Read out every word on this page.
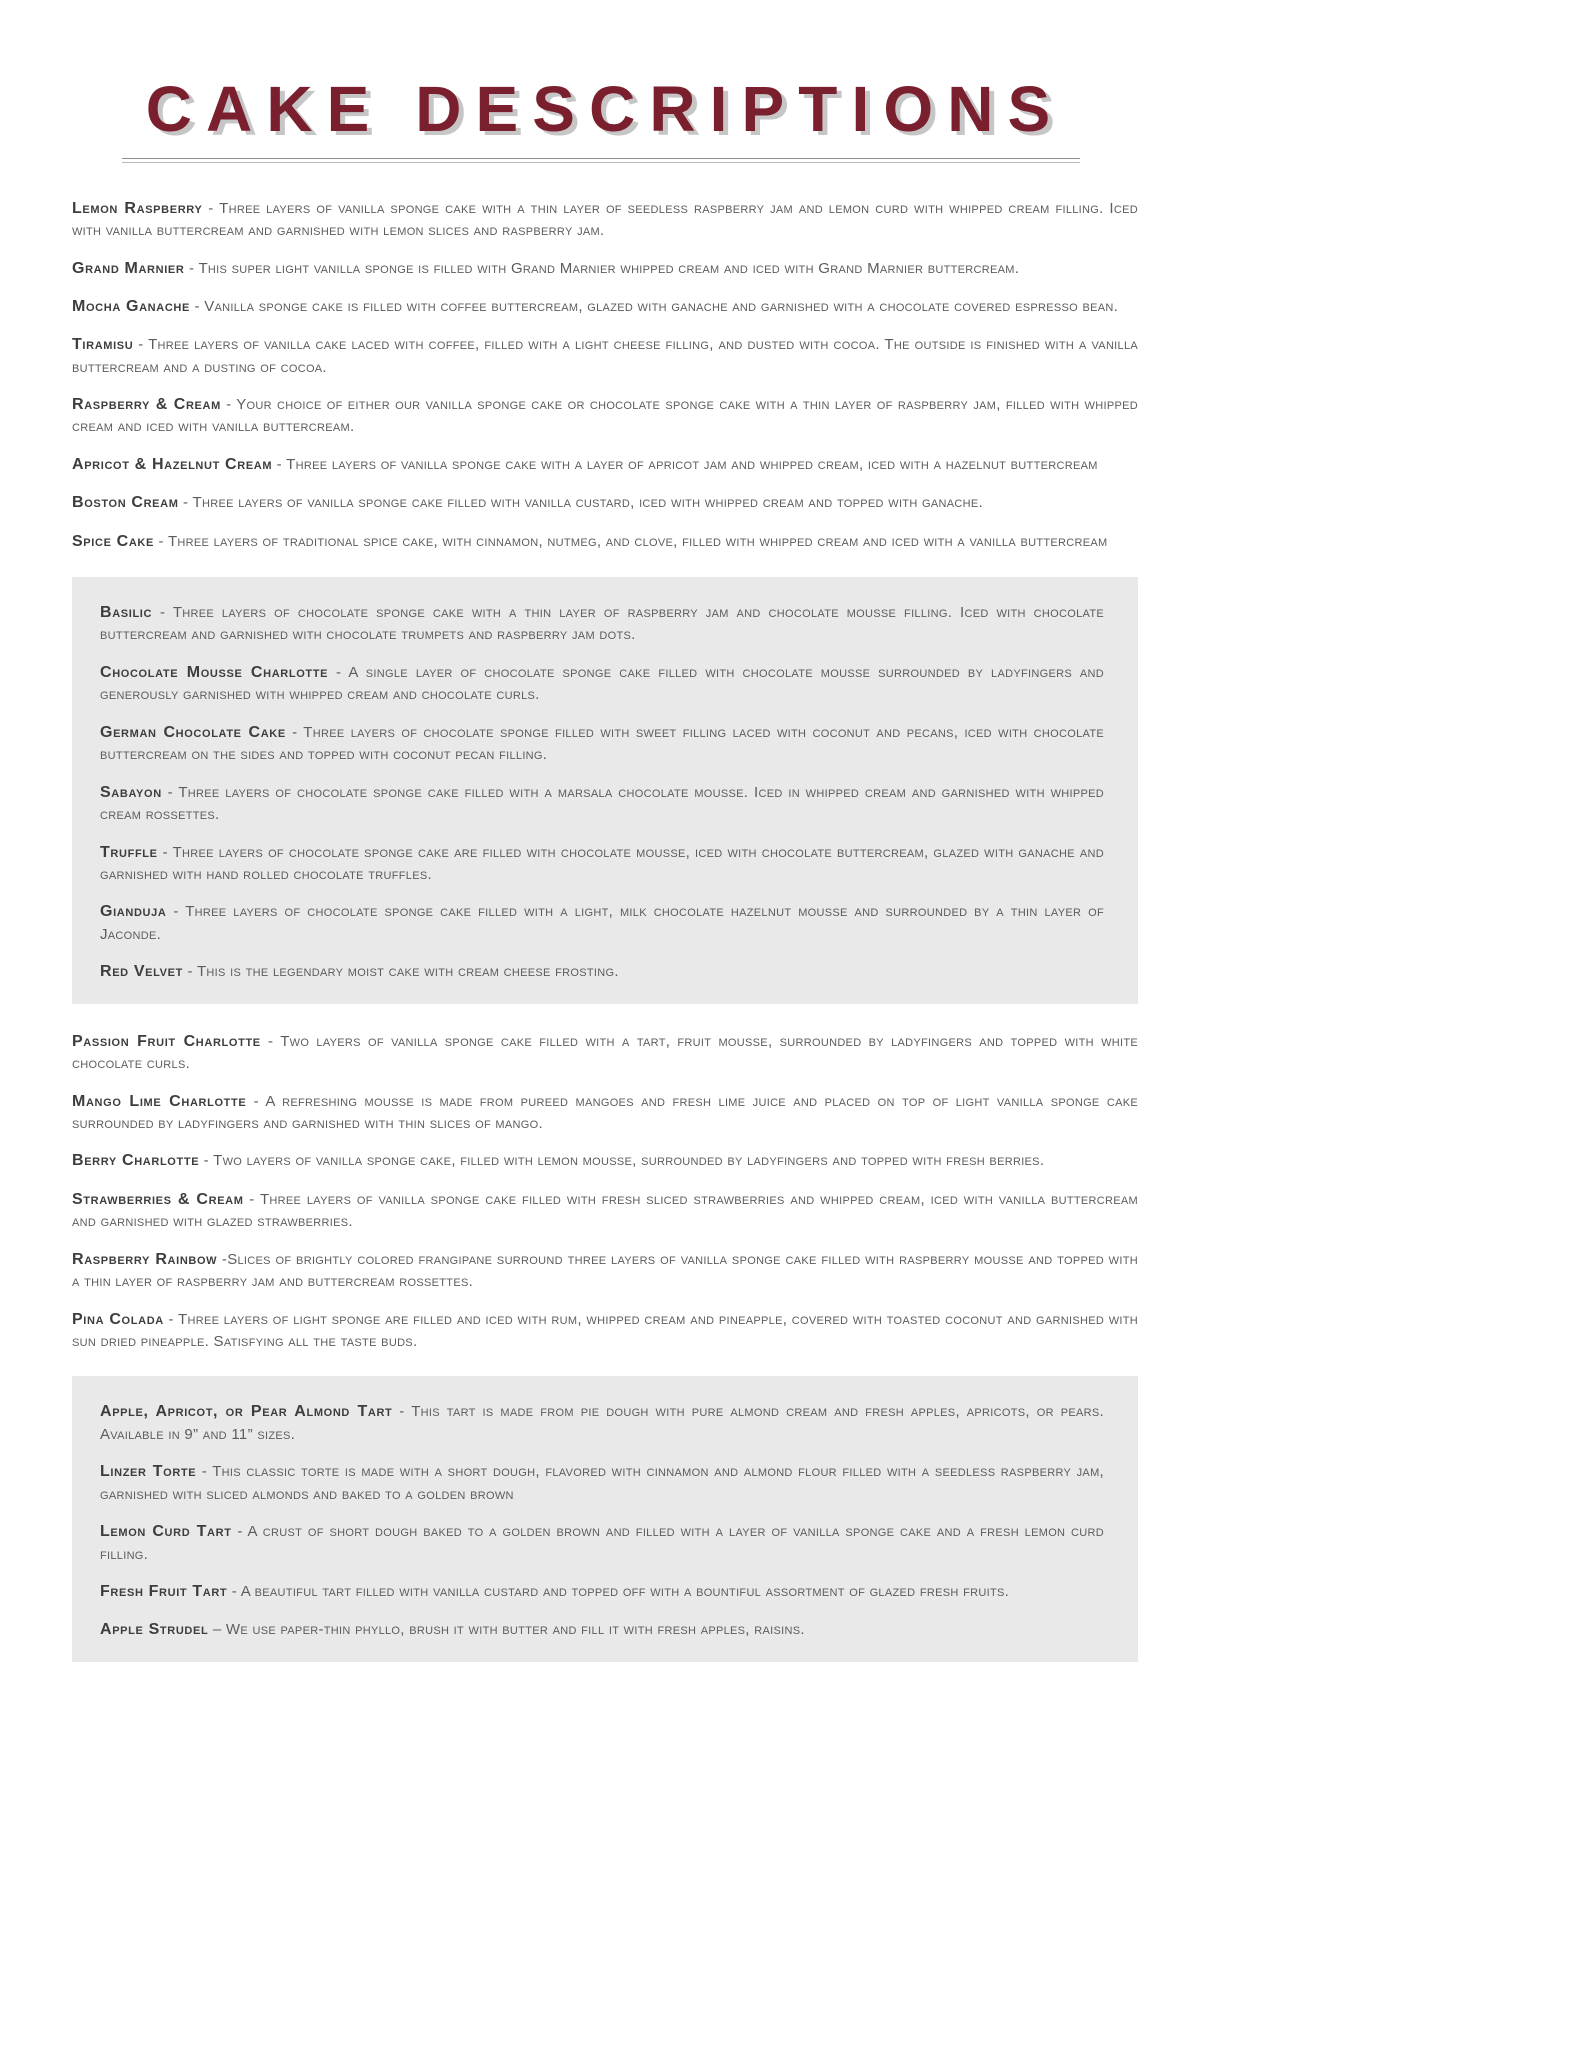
CAKE DESCRIPTIONS

Lemon Raspberry - Three layers of vanilla sponge cake with a thin layer of seedless raspberry jam and lemon curd with whipped cream filling. Iced with vanilla buttercream and garnished with lemon slices and raspberry jam.

Grand Marnier - This super light vanilla sponge is filled with Grand Marnier whipped cream and iced with Grand Marnier buttercream.

Mocha Ganache - Vanilla sponge cake is filled with coffee buttercream, glazed with ganache and garnished with a chocolate covered espresso bean.

Tiramisu - Three layers of vanilla cake laced with coffee, filled with a light cheese filling, and dusted with cocoa. The outside is finished with a vanilla buttercream and a dusting of cocoa.

Raspberry & Cream - Your choice of either our vanilla sponge cake or chocolate sponge cake with a thin layer of raspberry jam, filled with whipped cream and iced with vanilla buttercream.

Apricot & Hazelnut Cream - Three layers of vanilla sponge cake with a layer of apricot jam and whipped cream, iced with a hazelnut buttercream

Boston Cream - Three layers of vanilla sponge cake filled with vanilla custard, iced with whipped cream and topped with ganache.

Spice Cake - Three layers of traditional spice cake, with cinnamon, nutmeg, and clove, filled with whipped cream and iced with a vanilla buttercream

Basilic - Three layers of chocolate sponge cake with a thin layer of raspberry jam and chocolate mousse filling. Iced with chocolate buttercream and garnished with chocolate trumpets and raspberry jam dots.

Chocolate Mousse Charlotte - A single layer of chocolate sponge cake filled with chocolate mousse surrounded by ladyfingers and generously garnished with whipped cream and chocolate curls.

German Chocolate Cake - Three layers of chocolate sponge filled with sweet filling laced with coconut and pecans, iced with chocolate buttercream on the sides and topped with coconut pecan filling.

Sabayon - Three layers of chocolate sponge cake filled with a marsala chocolate mousse. Iced in whipped cream and garnished with whipped cream rossettes.

Truffle - Three layers of chocolate sponge cake are filled with chocolate mousse, iced with chocolate buttercream, glazed with ganache and garnished with hand rolled chocolate truffles.

Gianduja - Three layers of chocolate sponge cake filled with a light, milk chocolate hazelnut mousse and surrounded by a thin layer of Jaconde.

Red Velvet - This is the legendary moist cake with cream cheese frosting.

Passion Fruit Charlotte - Two layers of vanilla sponge cake filled with a tart, fruit mousse, surrounded by ladyfingers and topped with white chocolate curls.

Mango Lime Charlotte - A refreshing mousse is made from pureed mangoes and fresh lime juice and placed on top of light vanilla sponge cake surrounded by ladyfingers and garnished with thin slices of mango.

Berry Charlotte - Two layers of vanilla sponge cake, filled with lemon mousse, surrounded by ladyfingers and topped with fresh berries.

Strawberries & Cream - Three layers of vanilla sponge cake filled with fresh sliced strawberries and whipped cream, iced with vanilla buttercream and garnished with glazed strawberries.

Raspberry Rainbow -Slices of brightly colored frangipane surround three layers of vanilla sponge cake filled with raspberry mousse and topped with a thin layer of raspberry jam and buttercream rossettes.

Pina Colada - Three layers of light sponge are filled and iced with rum, whipped cream and pineapple, covered with toasted coconut and garnished with sun dried pineapple. Satisfying all the taste buds.

Apple, Apricot, or Pear Almond Tart - This tart is made from pie dough with pure almond cream and fresh apples, apricots, or pears. Available in 9” and 11” sizes.

Linzer Torte - This classic torte is made with a short dough, flavored with cinnamon and almond flour filled with a seedless raspberry jam, garnished with sliced almonds and baked to a golden brown

Lemon Curd Tart - A crust of short dough baked to a golden brown and filled with a layer of vanilla sponge cake and a fresh lemon curd filling.

Fresh Fruit Tart - A beautiful tart filled with vanilla custard and topped off with a bountiful assortment of glazed fresh fruits.

Apple Strudel – We use paper-thin phyllo, brush it with butter and fill it with fresh apples, raisins.
